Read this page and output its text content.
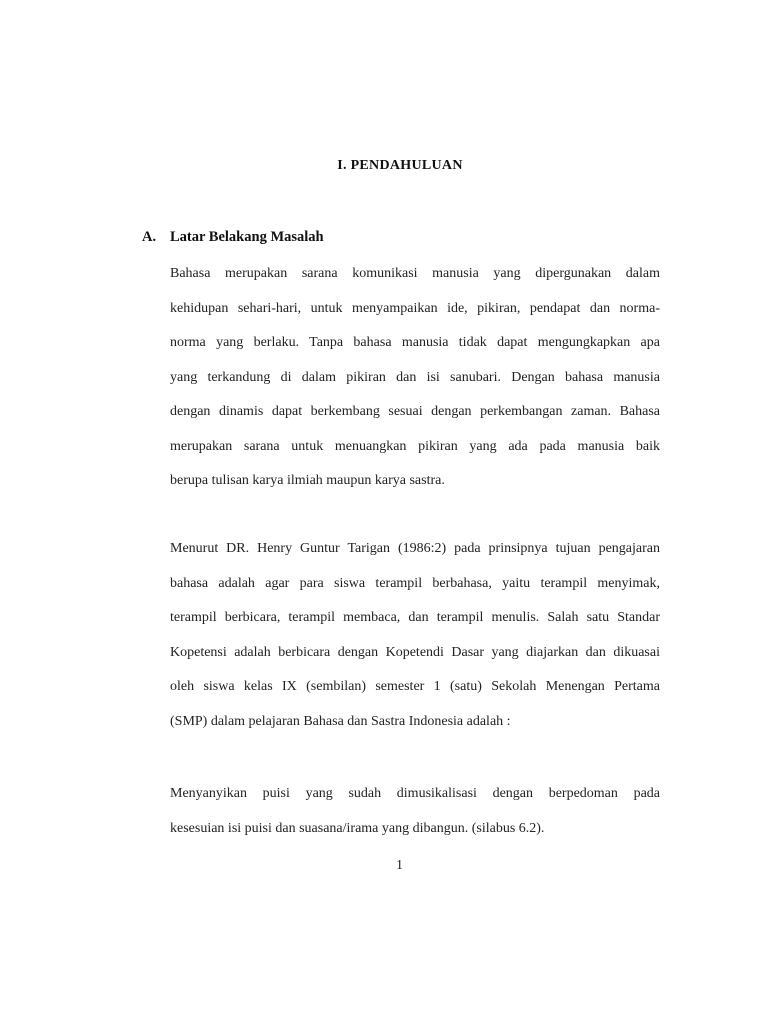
I. PENDAHULUAN
A. Latar Belakang Masalah
Bahasa merupakan sarana komunikasi manusia yang dipergunakan dalam
kehidupan sehari-hari, untuk menyampaikan ide, pikiran, pendapat dan norma-
norma yang berlaku. Tanpa bahasa manusia tidak dapat mengungkapkan apa
yang terkandung di dalam pikiran dan isi sanubari. Dengan bahasa manusia
dengan dinamis dapat berkembang sesuai dengan perkembangan zaman. Bahasa
merupakan sarana untuk menuangkan pikiran yang ada pada manusia baik
berupa tulisan karya ilmiah maupun karya sastra.
Menurut DR. Henry Guntur Tarigan (1986:2) pada prinsipnya tujuan pengajaran
bahasa adalah agar para siswa terampil berbahasa, yaitu terampil menyimak,
terampil berbicara, terampil membaca, dan terampil menulis. Salah satu Standar
Kopetensi adalah berbicara dengan Kopetendi Dasar yang diajarkan dan dikuasai
oleh siswa kelas IX (sembilan) semester 1 (satu) Sekolah Menengan Pertama
(SMP) dalam pelajaran Bahasa dan Sastra Indonesia adalah :
Menyanyikan puisi yang sudah dimusikalisasi dengan berpedoman pada
kesesuian isi puisi dan suasana/irama yang dibangun. (silabus 6.2).
1
